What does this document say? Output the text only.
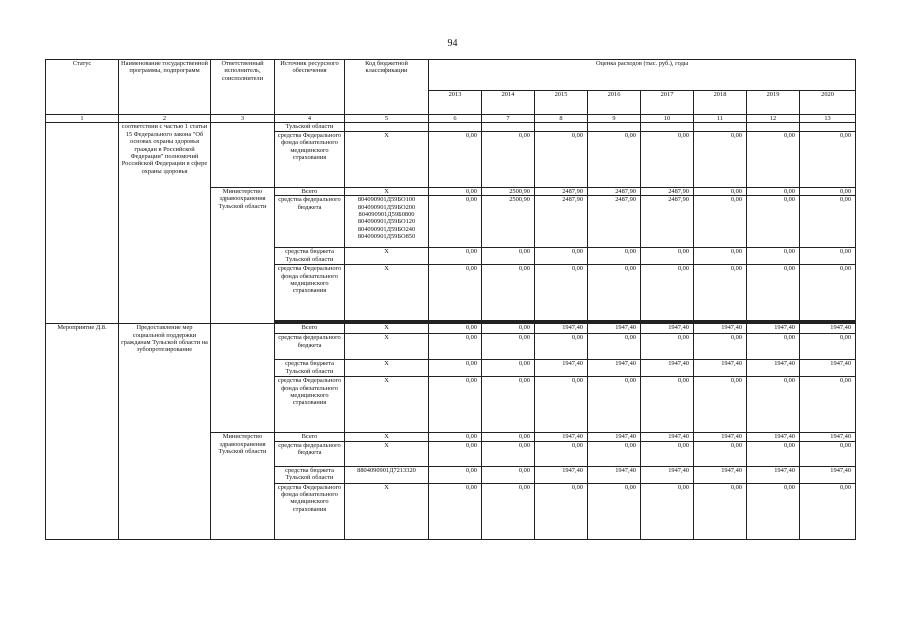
94
Статус	Наименование государственной программы, подпрограмм	Ответственный исполнитель, соисполнители	Источник ресурсного обеспечения	Код бюджетной классификации	Оценка расходов (тыс. руб.), годы							
					2013	2014	2015	2016	2017	2018	2019	2020
1	2	3	4	5	6	7	8	9	10	11	12	13
	соответствии с частью 1 статьи 15 Федерального закона "Об основах охраны здоровья граждан в Российской Федерации" полномочий Российской Федерации в сфере охраны здоровья		Тульской области									
			средства Федерального фонда обязательного медицинского страхования	Х	0,00	0,00	0,00	0,00	0,00	0,00	0,00	0,00
		Министерство здравоохранения Тульской области	Всего	Х	0,00	2500,90	2487,90	2487,90	2487,90	0,00	0,00	0,00
			средства федерального бюджета	804090901Д59БО100 804090901Д59БО200 804090901Д59Б0800 804090901Д59БО120 804090901Д59БО240 804090901Д59БО850	0,00	2500,90	2487,90	2487,90	2487,90	0,00	0,00	0,00
			средства бюджета Тульской области	Х	0,00	0,00	0,00	0,00	0,00	0,00	0,00	0,00
			средства Федерального фонда обязательного медицинского страхования	Х	0,00	0,00	0,00	0,00	0,00	0,00	0,00	0,00

Мероприятие Д.8.	Предоставление мер социальной поддержки гражданам Тульской области на зубопротезирование		Всего	Х	0,00	0,00	1947,40	1947,40	1947,40	1947,40	1947,40	1947,40
			средства федерального бюджета	Х	0,00	0,00	0,00	0,00	0,00	0,00	0,00	0,00
			средства бюджета Тульской области	Х	0,00	0,00	1947,40	1947,40	1947,40	1947,40	1947,40	1947,40
			средства Федерального фонда обязательного медицинского страхования	Х	0,00	0,00	0,00	0,00	0,00	0,00	0,00	0,00
		Министерство здравоохранения Тульской области	Всего	Х	0,00	0,00	1947,40	1947,40	1947,40	1947,40	1947,40	1947,40
			средства федерального бюджета	Х	0,00	0,00	0,00	0,00	0,00	0,00	0,00	0,00
			средства бюджета Тульской области	8804090901Д7213320	0,00	0,00	1947,40	1947,40	1947,40	1947,40	1947,40	1947,40
			средства Федерального фонда обязательного медицинского страхования	Х	0,00	0,00	0,00	0,00	0,00	0,00	0,00	0,00
